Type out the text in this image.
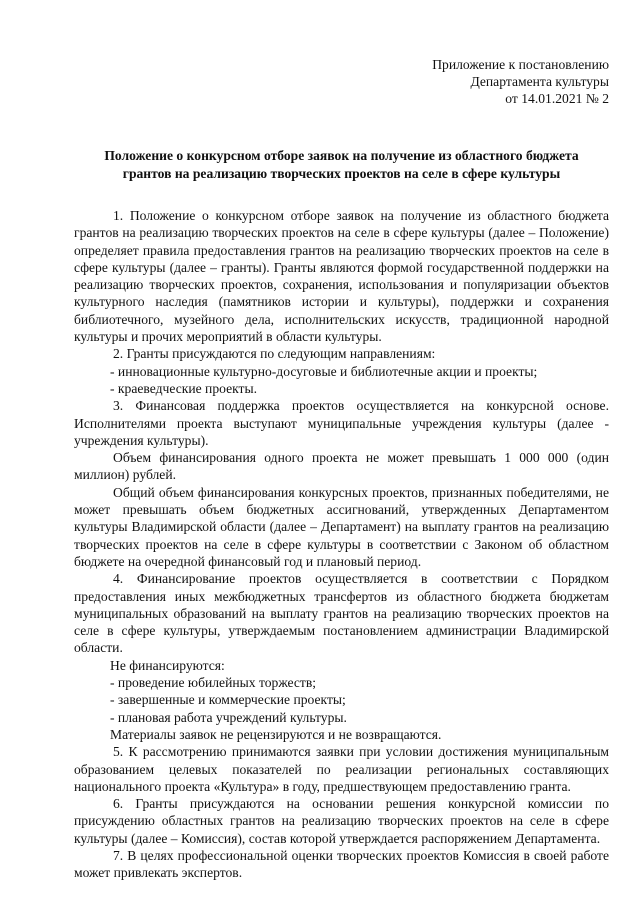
Приложение к постановлению
Департамента культуры
от 14.01.2021 № 2
Положение о конкурсном отборе заявок на получение из областного бюджета
грантов на реализацию творческих проектов на селе в сфере культуры

1. Положение о конкурсном отборе заявок на получение из областного бюджета грантов на реализацию творческих проектов на селе в сфере культуры (далее – Положение) определяет правила предоставления грантов на реализацию творческих проектов на селе в сфере культуры (далее – гранты). Гранты являются формой государственной поддержки на реализацию творческих проектов, сохранения, использования и популяризации объектов культурного наследия (памятников истории и культуры), поддержки и сохранения библиотечного, музейного дела, исполнительских искусств, традиционной народной культуры и прочих мероприятий в области культуры.

2. Гранты присуждаются по следующим направлениям:

- инновационные культурно-досуговые и библиотечные акции и проекты;

- краеведческие проекты.

3. Финансовая поддержка проектов осуществляется на конкурсной основе. Исполнителями проекта выступают муниципальные учреждения культуры (далее - учреждения культуры).

Объем финансирования одного проекта не может превышать 1 000 000 (один миллион) рублей.

Общий объем финансирования конкурсных проектов, признанных победителями, не может превышать объем бюджетных ассигнований, утвержденных Департаментом культуры Владимирской области (далее – Департамент) на выплату грантов на реализацию творческих проектов на селе в сфере культуры в соответствии с Законом об областном бюджете на очередной финансовый год и плановый период.

4. Финансирование проектов осуществляется в соответствии с Порядком предоставления иных межбюджетных трансфертов из областного бюджета бюджетам муниципальных образований на выплату грантов на реализацию творческих проектов на селе в сфере культуры, утверждаемым постановлением администрации Владимирской области.

Не финансируются:

- проведение юбилейных торжеств;

- завершенные и коммерческие проекты;

- плановая работа учреждений культуры.

Материалы заявок не рецензируются и не возвращаются.

5. К рассмотрению принимаются заявки при условии достижения муниципальным образованием целевых показателей по реализации региональных составляющих национального проекта «Культура» в году, предшествующем предоставлению гранта.

6. Гранты присуждаются на основании решения конкурсной комиссии по присуждению областных грантов на реализацию творческих проектов на селе в сфере культуры (далее – Комиссия), состав которой утверждается распоряжением Департамента.

7. В целях профессиональной оценки творческих проектов Комиссия в своей работе может привлекать экспертов.
